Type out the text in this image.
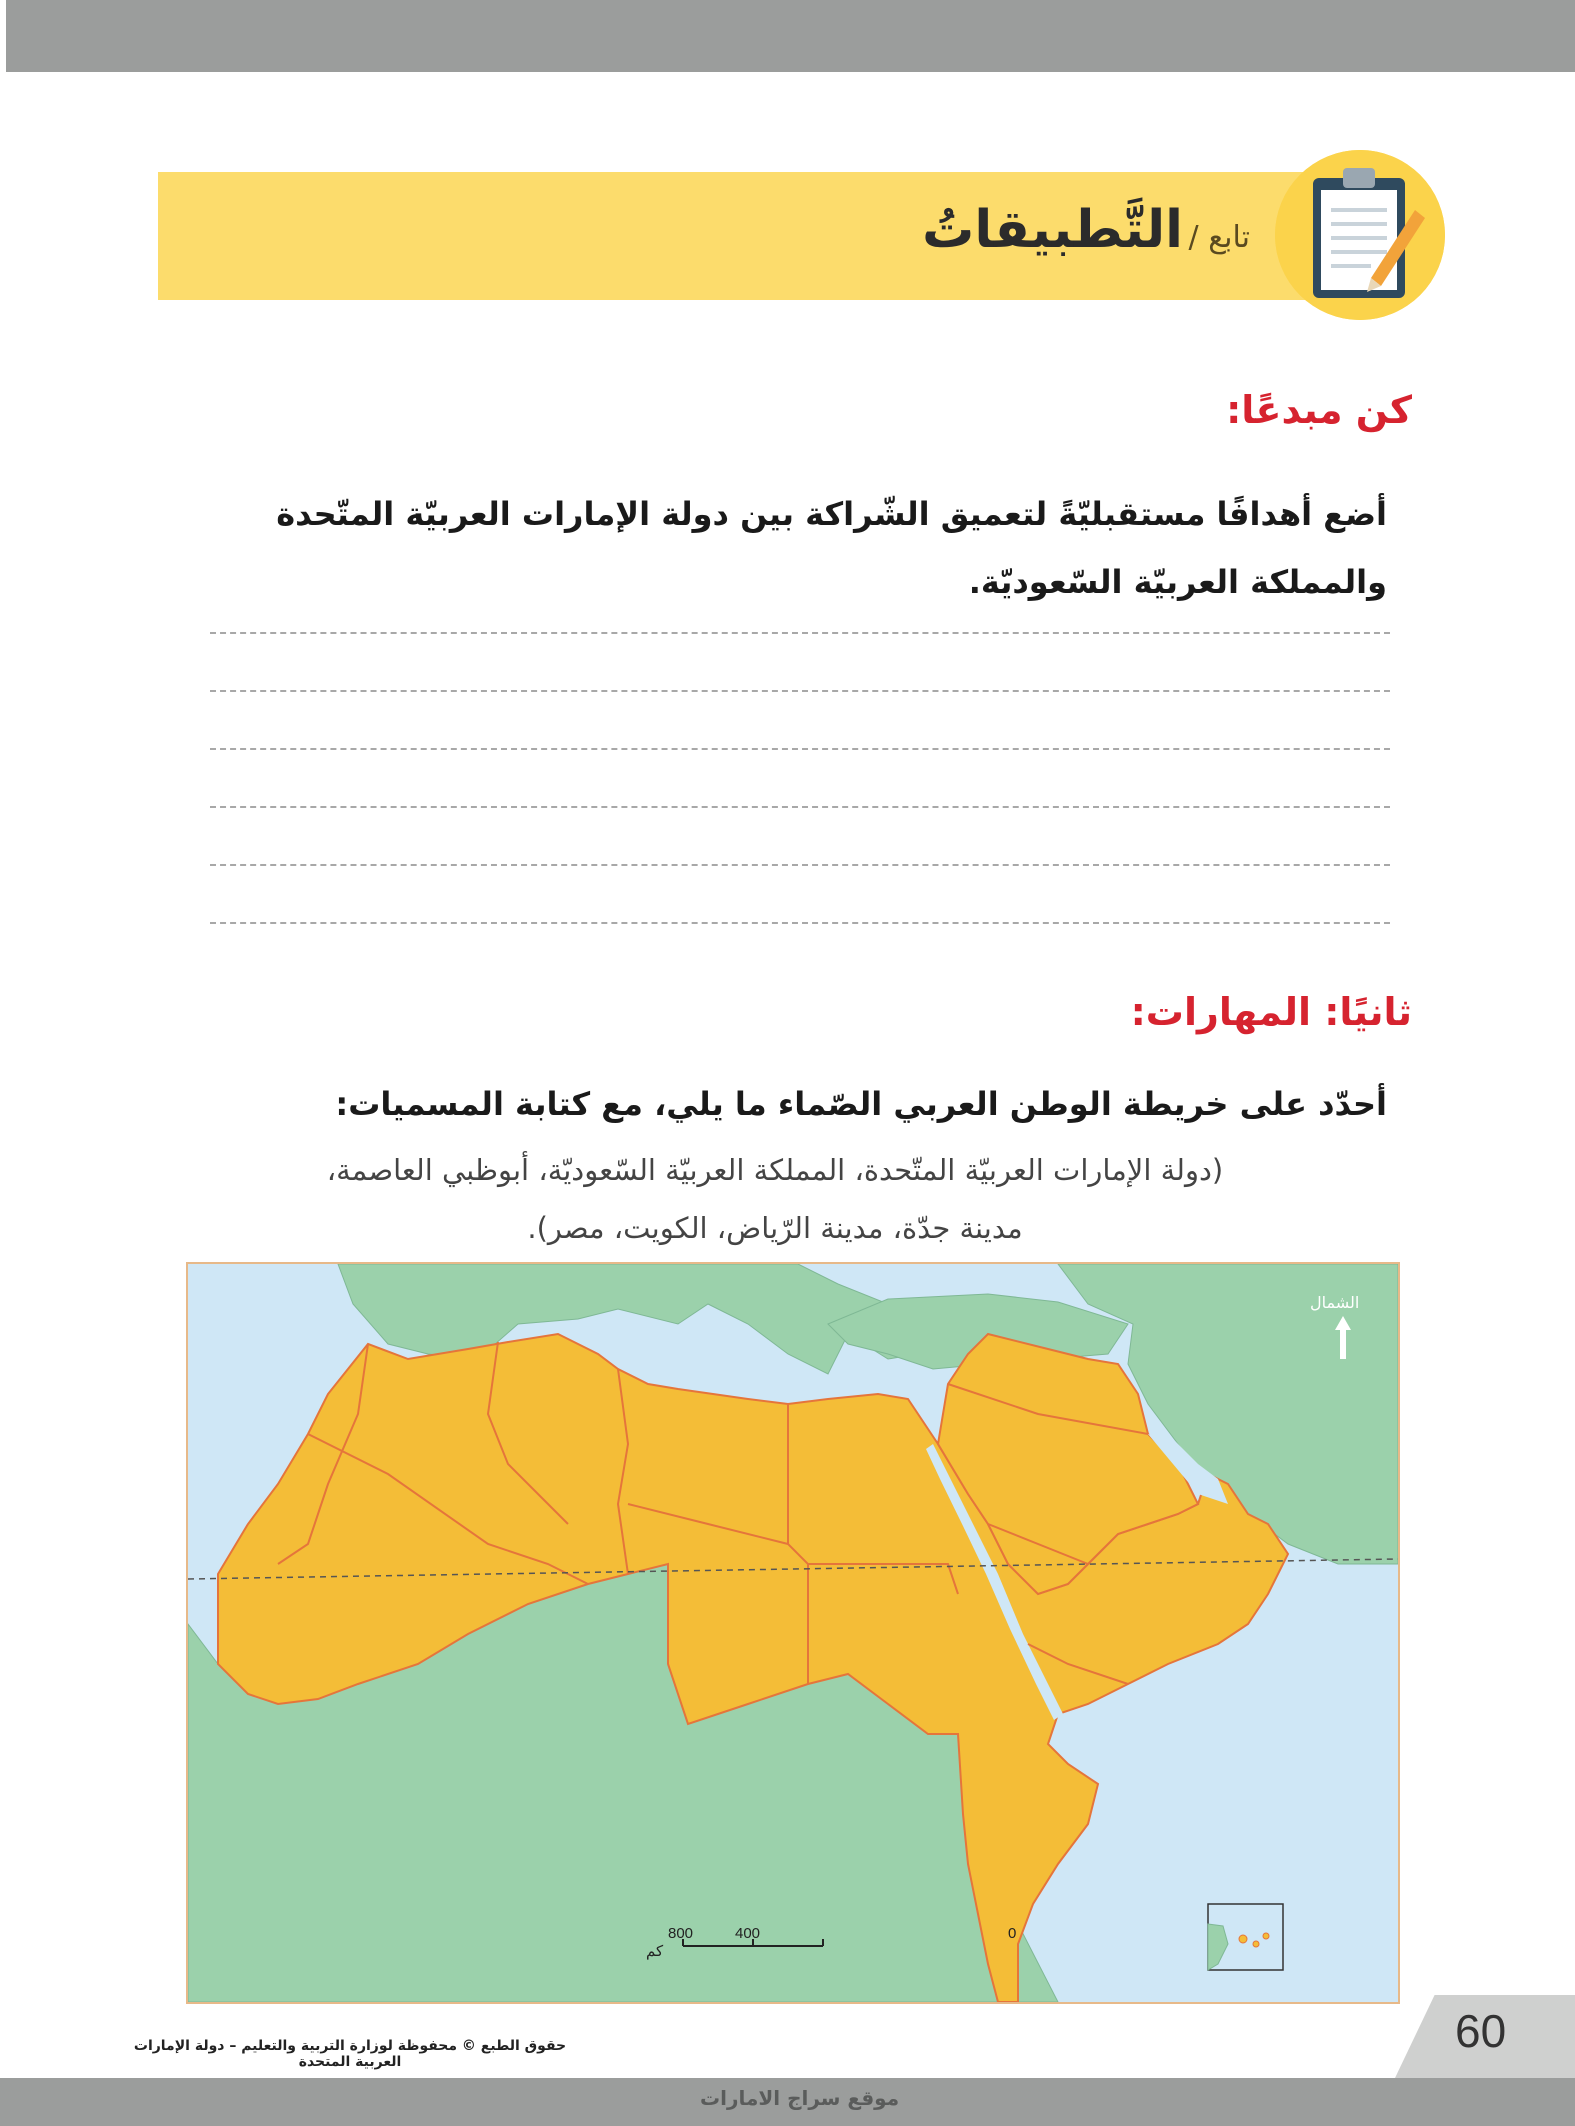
تابع / التَّطبيقاتُ
كن مبدعًا:
أضع أهدافًا مستقبليّةً لتعميق الشّراكة بين دولة الإمارات العربيّة المتّحدة والمملكة العربيّة السّعوديّة.
ثانيًا: المهارات:
أحدّد على خريطة الوطن العربي الصّماء ما يلي، مع كتابة المسميات:
(دولة الإمارات العربيّة المتّحدة، المملكة العربيّة السّعوديّة، أبوظبي العاصمة،
مدينة جدّة، مدينة الرّياض، الكويت، مصر).
الشمال
0
400
800
كم
60
حقوق الطبع © محفوظة لوزارة التربية والتعليم – دولة الإمارات العربية المتحدة
موقع سراج الامارات
